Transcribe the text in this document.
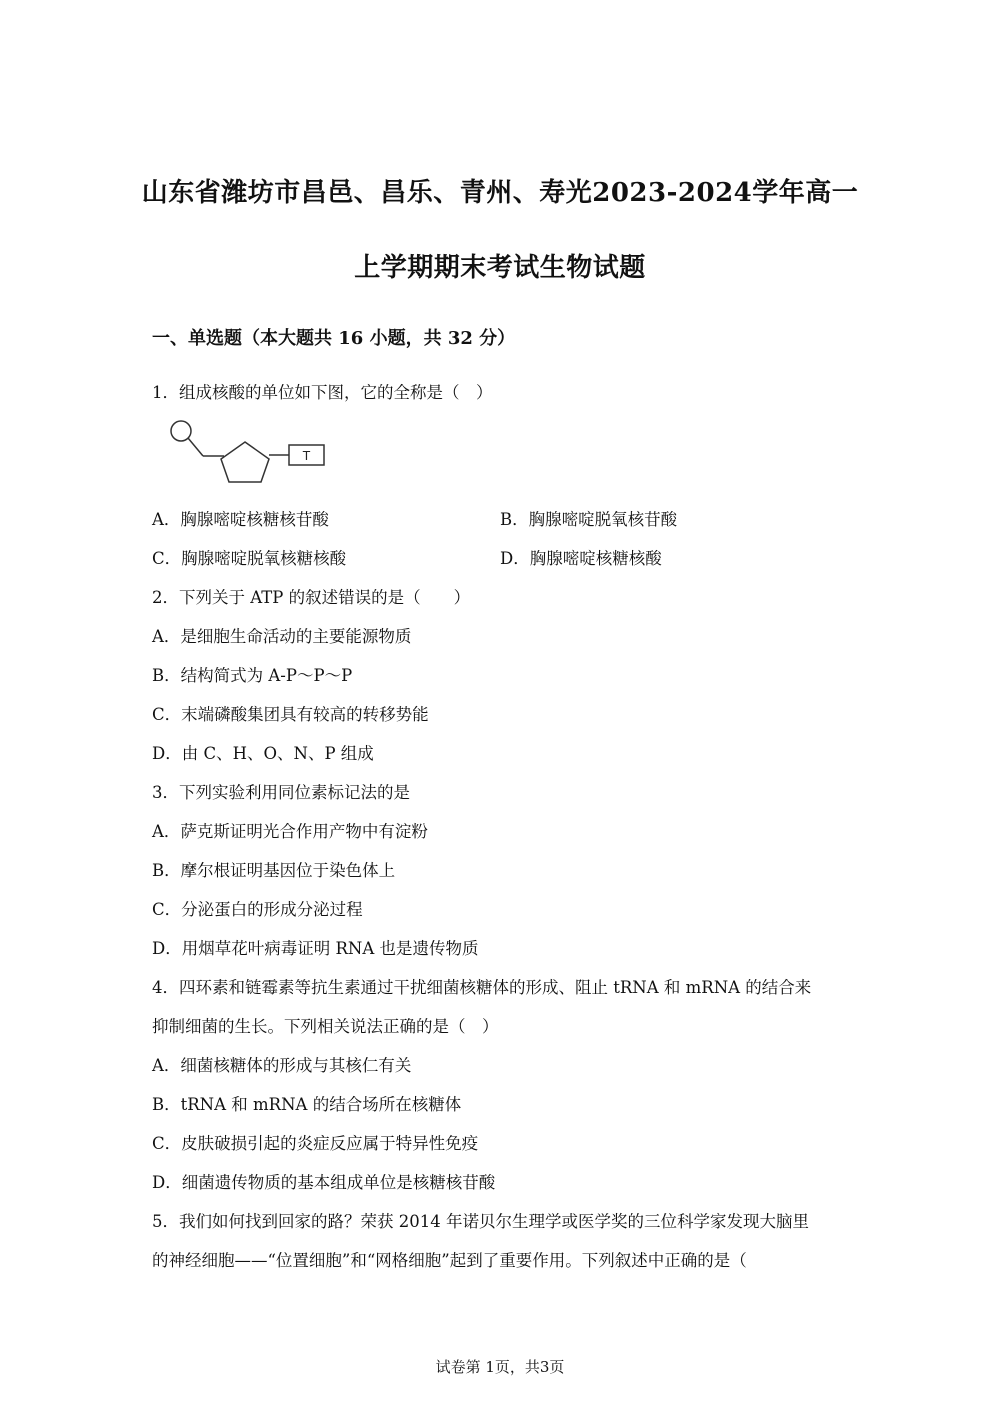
山东省潍坊市昌邑、昌乐、青州、寿光2023-2024学年高一
上学期期末考试生物试题
一、单选题（本大题共 16 小题，共 32 分）
1．组成核酸的单位如下图，它的全称是（　）
T
A．胸腺嘧啶核糖核苷酸	B．胸腺嘧啶脱氧核苷酸
C．胸腺嘧啶脱氧核糖核酸	D．胸腺嘧啶核糖核酸
2．下列关于 ATP 的叙述错误的是（　　）
A．是细胞生命活动的主要能源物质
B．结构简式为 A-P～P～P
C．末端磷酸集团具有较高的转移势能
D．由 C、H、O、N、P 组成
3．下列实验利用同位素标记法的是
A．萨克斯证明光合作用产物中有淀粉
B．摩尔根证明基因位于染色体上
C．分泌蛋白的形成分泌过程
D．用烟草花叶病毒证明 RNA 也是遗传物质
4．四环素和链霉素等抗生素通过干扰细菌核糖体的形成、阻止 tRNA 和 mRNA 的结合来
抑制细菌的生长。下列相关说法正确的是（　）
A．细菌核糖体的形成与其核仁有关
B．tRNA 和 mRNA 的结合场所在核糖体
C．皮肤破损引起的炎症反应属于特异性免疫
D．细菌遗传物质的基本组成单位是核糖核苷酸
5．我们如何找到回家的路？荣获 2014 年诺贝尔生理学或医学奖的三位科学家发现大脑里
的神经细胞——“位置细胞”和“网格细胞”起到了重要作用。下列叙述中正确的是（
试卷第 1页，共3页
